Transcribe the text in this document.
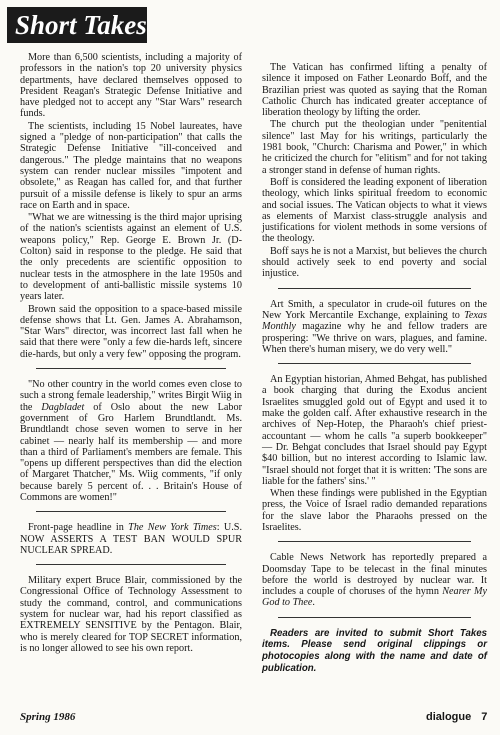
Short Takes

More than 6,500 scientists, including a majority of professors in the nation's top 20 university physics departments, have declared themselves opposed to President Reagan's Strategic Defense Initiative and have pledged not to accept any "Star Wars" research funds.

The scientists, including 15 Nobel laureates, have signed a "pledge of non-participation" that calls the Strategic Defense Initiative "ill-conceived and dangerous." The pledge maintains that no weapons system can render nuclear missiles "impotent and obsolete," as Reagan has called for, and that further pursuit of a missile defense is likely to spur an arms race on Earth and in space.

"What we are witnessing is the third major uprising of the nation's scientists against an element of U.S. weapons policy," Rep. George E. Brown Jr. (D-Colton) said in response to the pledge. He said that the only precedents are scientific opposition to nuclear tests in the atmosphere in the late 1950s and to development of anti-ballistic missile systems 10 years later.

Brown said the opposition to a space-based missile defense shows that Lt. Gen. James A. Abrahamson, "Star Wars" director, was incorrect last fall when he said that there were "only a few die-hards left, sincere die-hards, but only a very few" opposing the program.

"No other country in the world comes even close to such a strong female leadership," writes Birgit Wiig in the Dagbladet of Oslo about the new Labor government of Gro Harlem Brundtlandt. Ms. Brundtlandt chose seven women to serve in her cabinet — nearly half its membership — and more than a third of Parliament's members are female. This "opens up different perspectives than did the election of Margaret Thatcher," Ms. Wiig comments, "if only because barely 5 percent of. . . Britain's House of Commons are women!"

Front-page headline in The New York Times: U.S. NOW ASSERTS A TEST BAN WOULD SPUR NUCLEAR SPREAD.

Military expert Bruce Blair, commissioned by the Congressional Office of Technology Assessment to study the command, control, and communications system for nuclear war, had his report classified as EXTREMELY SENSITIVE by the Pentagon. Blair, who is merely cleared for TOP SECRET information, is no longer allowed to see his own report.

The Vatican has confirmed lifting a penalty of silence it imposed on Father Leonardo Boff, and the Brazilian priest was quoted as saying that the Roman Catholic Church has indicated greater acceptance of liberation theology by lifting the order.

The church put the theologian under "penitential silence" last May for his writings, particularly the 1981 book, "Church: Charisma and Power," in which he criticized the church for "elitism" and for not taking a stronger stand in defense of human rights.

Boff is considered the leading exponent of liberation theology, which links spiritual freedom to economic and social issues. The Vatican objects to what it views as elements of Marxist class-struggle analysis and justifications for violent methods in some versions of the theology.

Boff says he is not a Marxist, but believes the church should actively seek to end poverty and social injustice.

Art Smith, a speculator in crude-oil futures on the New York Mercantile Exchange, explaining to Texas Monthly magazine why he and fellow traders are prospering: "We thrive on wars, plagues, and famine. When there's human misery, we do very well."

An Egyptian historian, Ahmed Behgat, has published a book charging that during the Exodus ancient Israelites smuggled gold out of Egypt and used it to make the golden calf. After exhaustive research in the archives of Nep-Hotep, the Pharaoh's chief priest-accountant — whom he calls "a superb bookkeeper" — Dr. Behgat concludes that Israel should pay Egypt $40 billion, but no interest according to Islamic law. "Israel should not forget that it is written: 'The sons are liable for the fathers' sins.' "

When these findings were published in the Egyptian press, the Voice of Israel radio demanded reparations for the slave labor the Pharaohs pressed on the Israelites.

Cable News Network has reportedly prepared a Doomsday Tape to be telecast in the final minutes before the world is destroyed by nuclear war. It includes a couple of choruses of the hymn Nearer My God to Thee.

Readers are invited to submit Short Takes items. Please send original clippings or photocopies along with the name and date of publication.

Spring 1986	dialogue 7
